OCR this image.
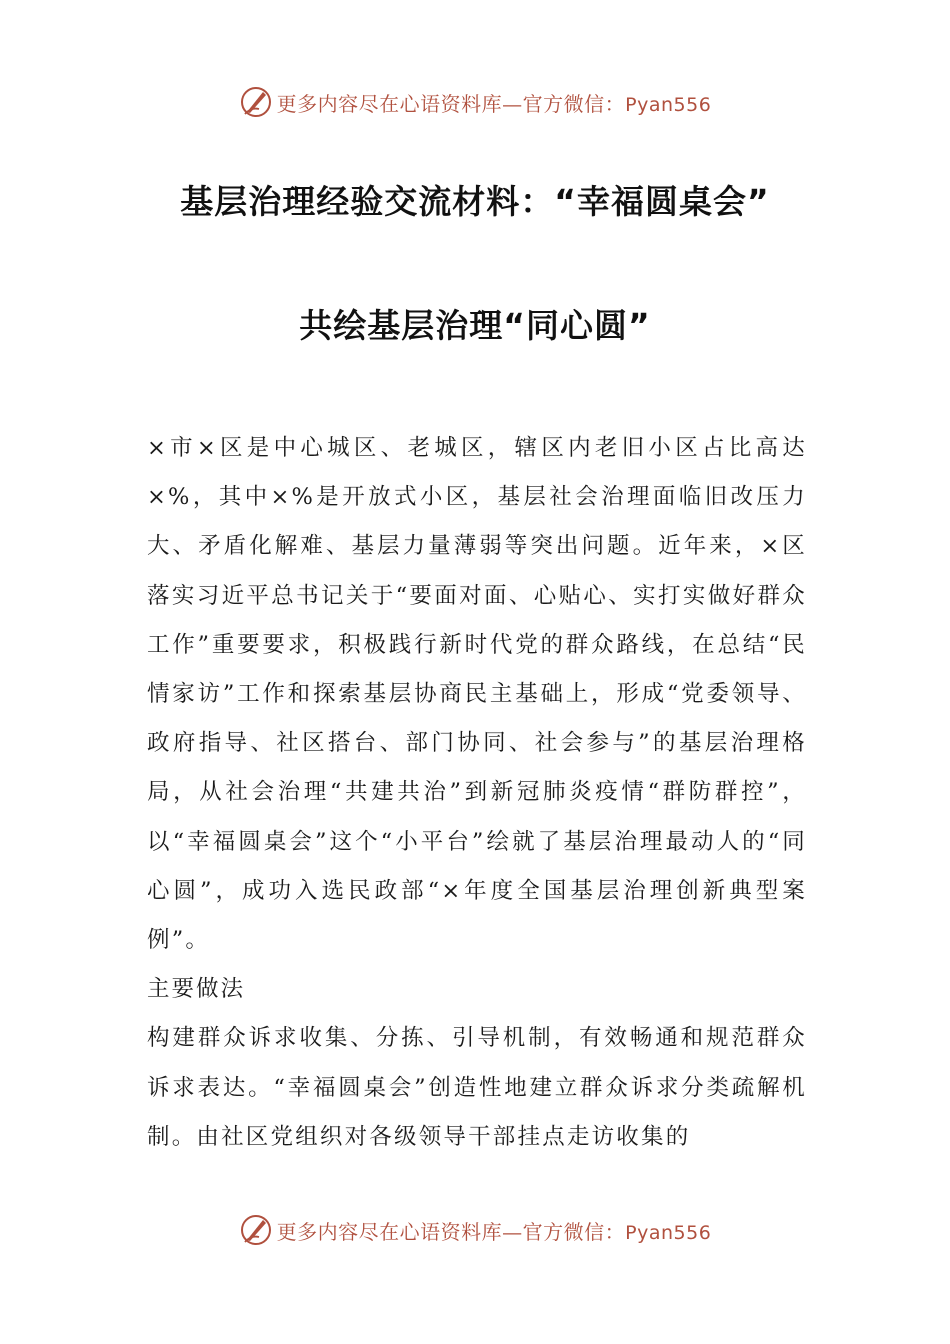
更多内容尽在心语资料库—官方微信：Pyan556
基层治理经验交流材料：“幸福圆桌会”
共绘基层治理“同心圆”

×市×区是中心城区、老城区，辖区内老旧小区占比高达×%，其中×%是开放式小区，基层社会治理面临旧改压力大、矛盾化解难、基层力量薄弱等突出问题。近年来，×区落实习近平总书记关于“要面对面、心贴心、实打实做好群众工作”重要要求，积极践行新时代党的群众路线，在总结“民情家访”工作和探索基层协商民主基础上，形成“党委领导、政府指导、社区搭台、部门协同、社会参与”的基层治理格局，从社会治理“共建共治”到新冠肺炎疫情“群防群控”，以“幸福圆桌会”这个“小平台”绘就了基层治理最动人的“同心圆”，成功入选民政部“×年度全国基层治理创新典型案例”。

主要做法

构建群众诉求收集、分拣、引导机制，有效畅通和规范群众诉求表达。“幸福圆桌会”创造性地建立群众诉求分类疏解机制。由社区党组织对各级领导干部挂点走访收集的

更多内容尽在心语资料库—官方微信：Pyan556
